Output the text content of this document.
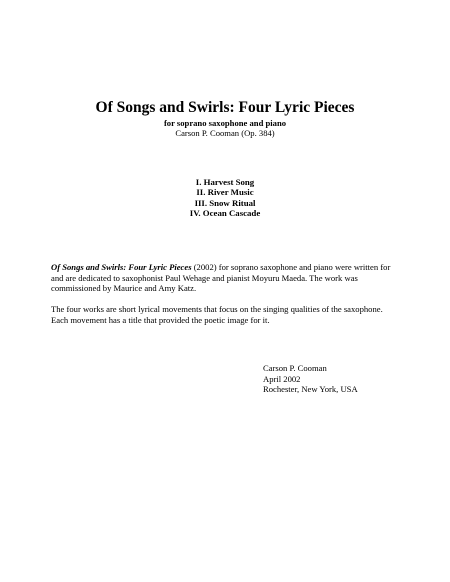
Of Songs and Swirls: Four Lyric Pieces
for soprano saxophone and piano
Carson P. Cooman (Op. 384)
I. Harvest Song
II. River Music
III. Snow Ritual
IV. Ocean Cascade

Of Songs and Swirls: Four Lyric Pieces (2002) for soprano saxophone and piano were written for and are dedicated to saxophonist Paul Wehage and pianist Moyuru Maeda. The work was commissioned by Maurice and Amy Katz.

The four works are short lyrical movements that focus on the singing qualities of the saxophone. Each movement has a title that provided the poetic image for it.

Carson P. Cooman
April 2002
Rochester, New York, USA
